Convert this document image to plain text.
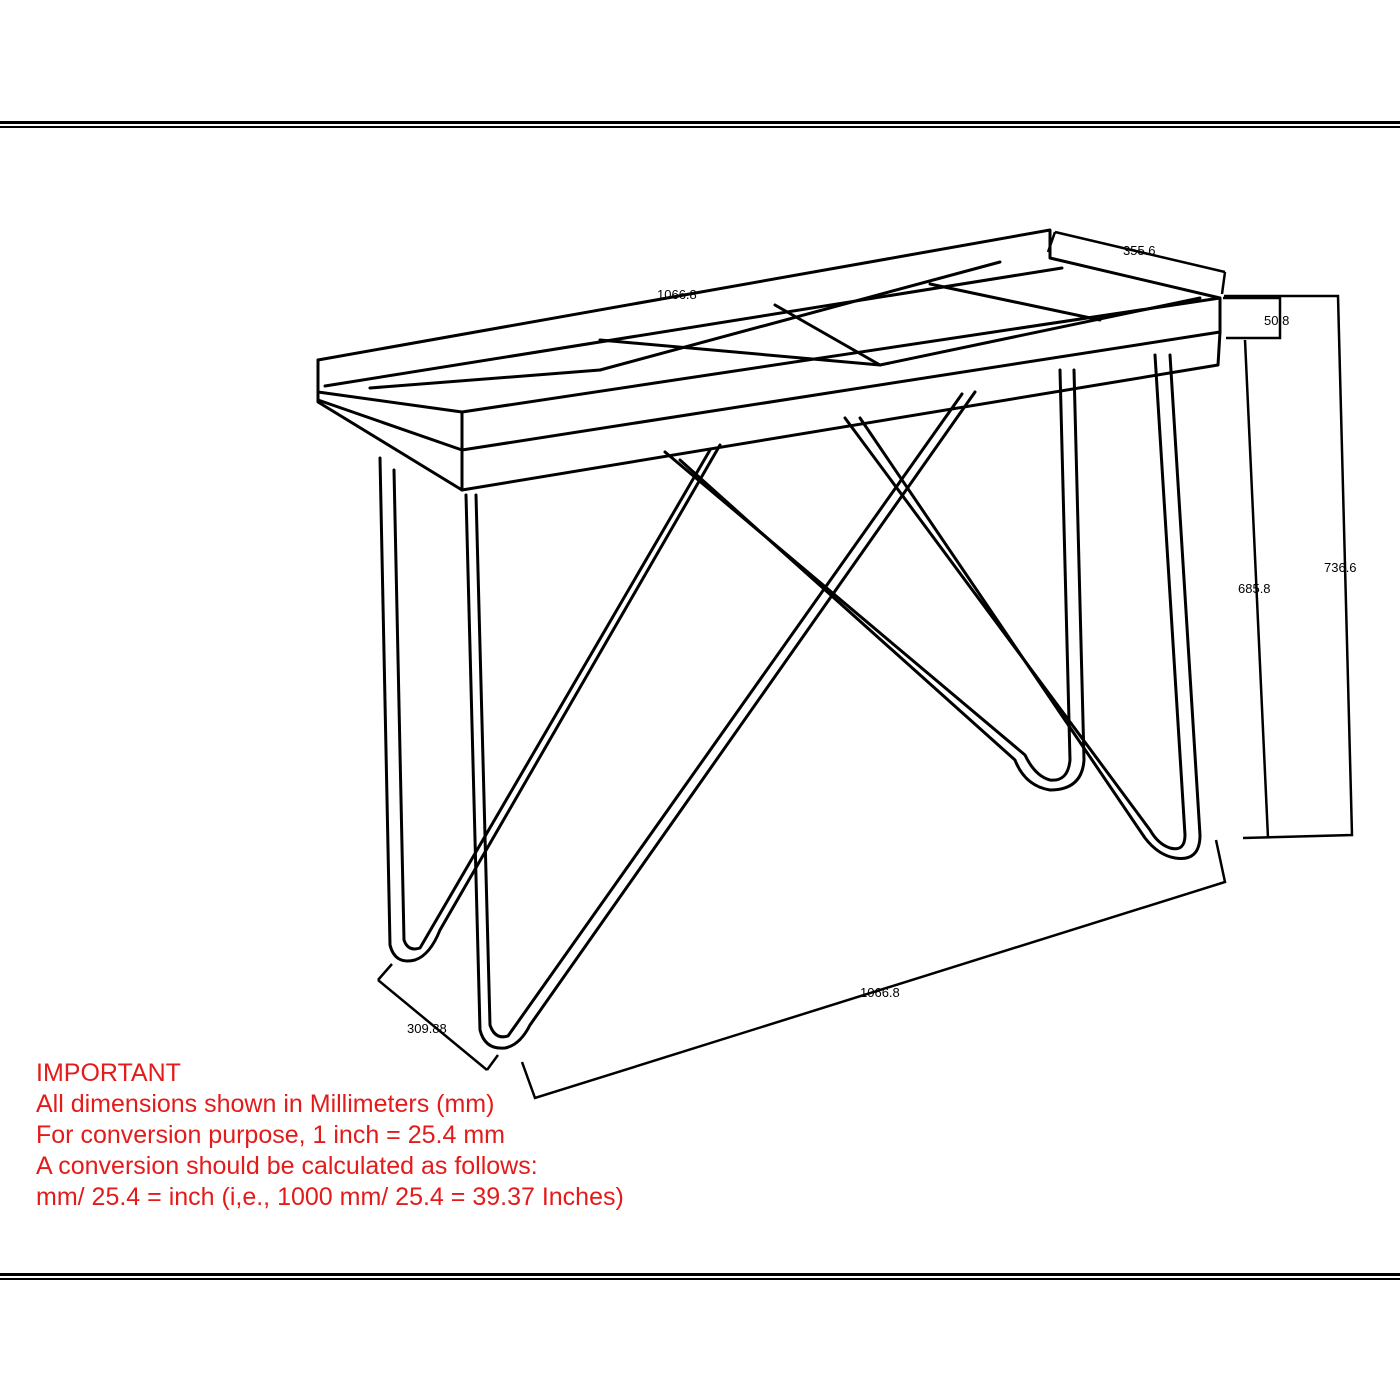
1066.8
355.6
50.8
736.6
685.8
1066.8
309.88
IMPORTANT
All dimensions shown in Millimeters (mm)
For conversion purpose, 1 inch = 25.4 mm
A conversion should be calculated as follows:
mm/ 25.4 = inch (i,e., 1000 mm/ 25.4 = 39.37 Inches)
